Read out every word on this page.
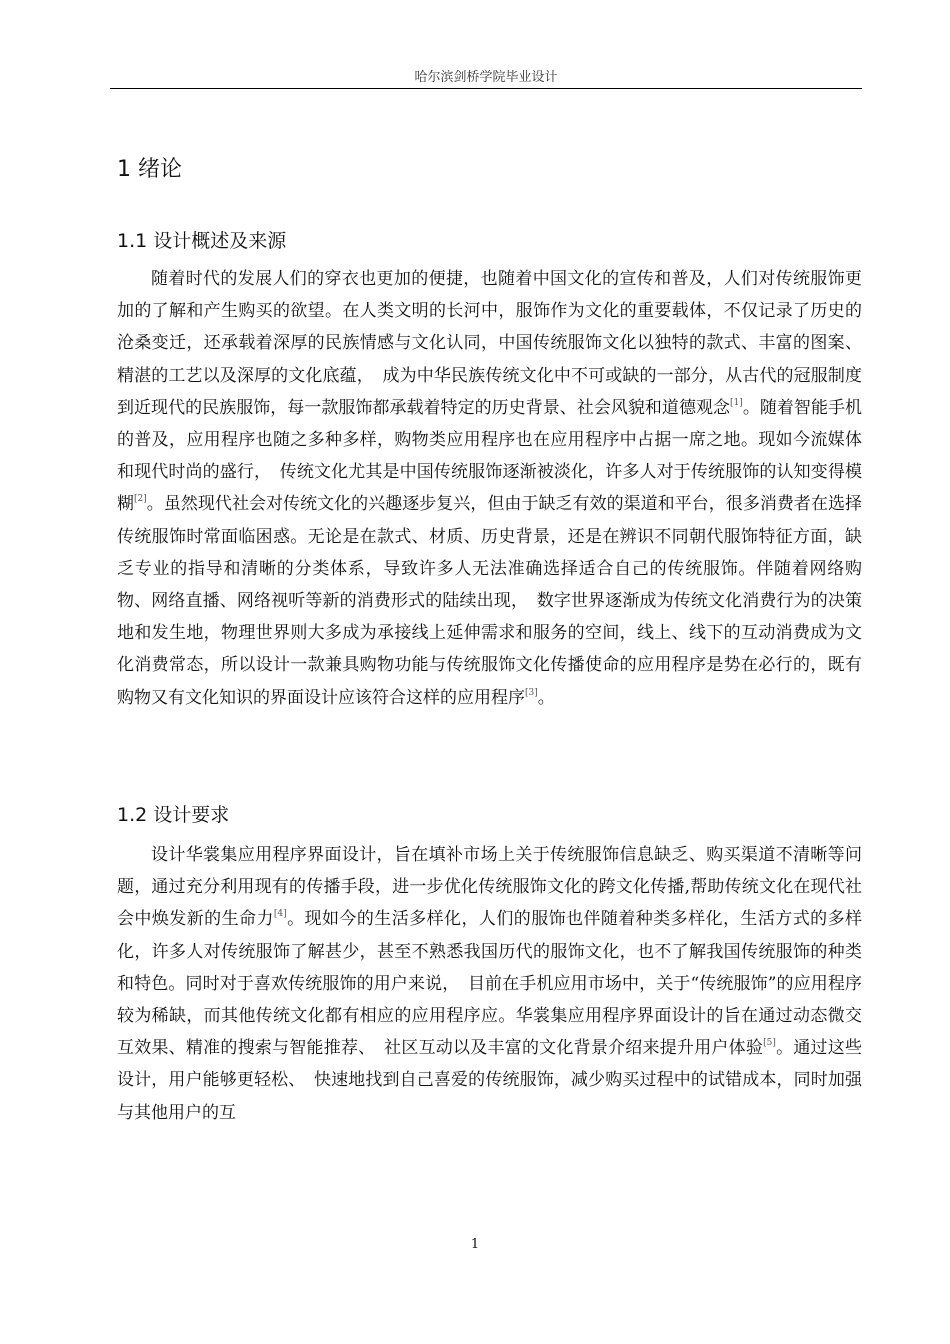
哈尔滨剑桥学院毕业设计
1 绪论
1.1 设计概述及来源

随着时代的发展人们的穿衣也更加的便捷，也随着中国文化的宣传和普及，人们对传统服饰更加的了解和产生购买的欲望。在人类文明的长河中，服饰作为文化的重要载体，不仅记录了历史的沧桑变迁，还承载着深厚的民族情感与文化认同，中国传统服饰文化以独特的款式、丰富的图案、精湛的工艺以及深厚的文化底蕴，　成为中华民族传统文化中不可或缺的一部分，从古代的冠服制度到近现代的民族服饰，每一款服饰都承载着特定的历史背景、社会风貌和道德观念[1]。随着智能手机的普及，应用程序也随之多种多样，购物类应用程序也在应用程序中占据一席之地。现如今流媒体和现代时尚的盛行，　传统文化尤其是中国传统服饰逐渐被淡化，许多人对于传统服饰的认知变得模糊[2]。虽然现代社会对传统文化的兴趣逐步复兴，但由于缺乏有效的渠道和平台，很多消费者在选择传统服饰时常面临困惑。无论是在款式、材质、历史背景，还是在辨识不同朝代服饰特征方面，缺乏专业的指导和清晰的分类体系，导致许多人无法准确选择适合自己的传统服饰。伴随着网络购物、网络直播、网络视听等新的消费形式的陆续出现，　数字世界逐渐成为传统文化消费行为的决策地和发生地，物理世界则大多成为承接线上延伸需求和服务的空间，线上、线下的互动消费成为文化消费常态，所以设计一款兼具购物功能与传统服饰文化传播使命的应用程序是势在必行的，既有购物又有文化知识的界面设计应该符合这样的应用程序[3]。

1.2 设计要求

设计华裳集应用程序界面设计，旨在填补市场上关于传统服饰信息缺乏、购买渠道不清晰等问题，通过充分利用现有的传播手段，进一步优化传统服饰文化的跨文化传播,帮助传统文化在现代社会中焕发新的生命力[4]。现如今的生活多样化，人们的服饰也伴随着种类多样化，生活方式的多样化，许多人对传统服饰了解甚少，甚至不熟悉我国历代的服饰文化，也不了解我国传统服饰的种类和特色。同时对于喜欢传统服饰的用户来说，　目前在手机应用市场中，关于“传统服饰”的应用程序较为稀缺，而其他传统文化都有相应的应用程序应。华裳集应用程序界面设计的旨在通过动态微交互效果、精准的搜索与智能推荐、　社区互动以及丰富的文化背景介绍来提升用户体验[5]。通过这些设计，用户能够更轻松、　快速地找到自己喜爱的传统服饰，减少购买过程中的试错成本，同时加强与其他用户的互

1
